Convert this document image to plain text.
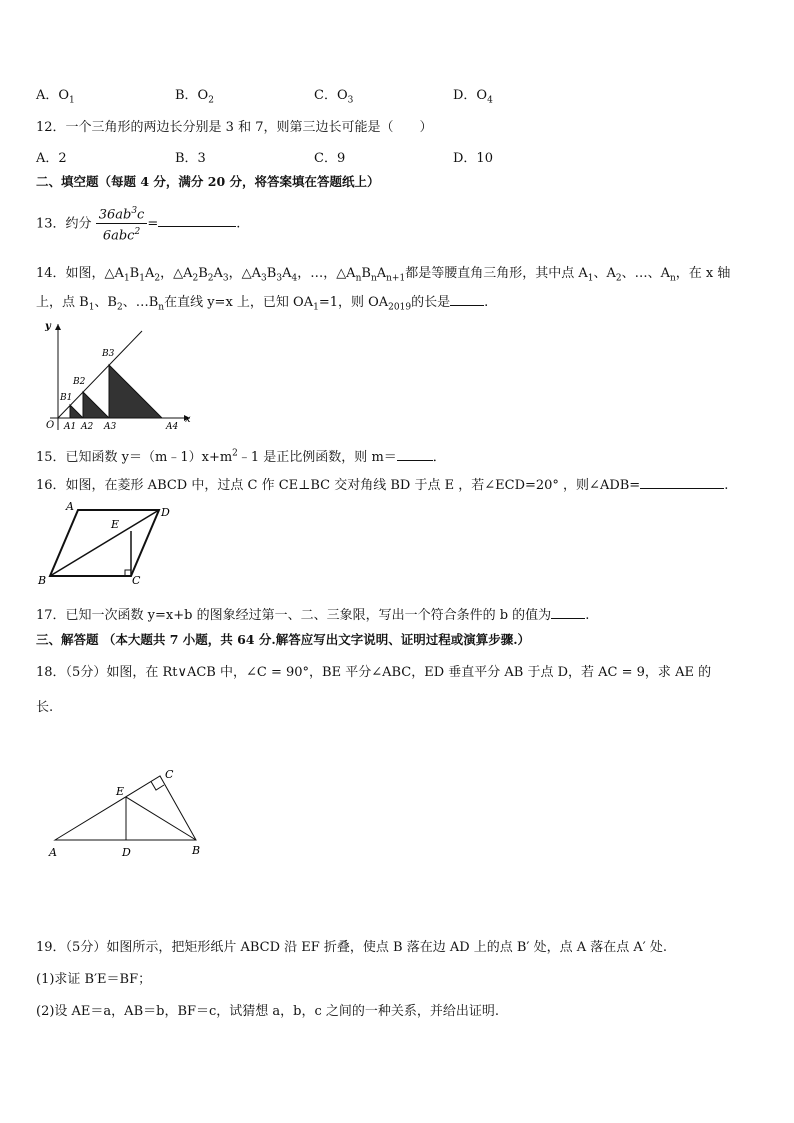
A．$O_1$	B．$O_2$	C．$O_3$	D．$O_4$
12．一个三角形的两边长分别是 3 和 7，则第三边长可能是（　　）
A．2	B．3	C．9	D．10
二、填空题（每题 4 分，满分 20 分，将答案填在答题纸上）
13．约分 $\frac{36ab^3c}{6abc^2}$ =	.
14．如图，$\triangle A_1B_1A_2$，$\triangle A_2B_2A_3$，$\triangle A_3B_3A_4$，…，$\triangle A_nB_nA_{n+1}$都是等腰直角三角形，其中点 $A_1$、$A_2$、…、$A_n$，在 x 轴
上，点 $B_1$、$B_2$、$\dots B_n$在直线 y=x 上，已知 $OA_1=1$，则 $OA_{2019}$的长是	.
y
x
O
B1
B2
B3
A1 A2 A3	A4
15．已知函数 $y=(m﹣1)x+m^2﹣1$ 是正比例函数，则 m＝	．
16．如图，在菱形 ABCD 中，过点 C 作 CE⊥BC 交对角线 BD 于点 E ，若∠ECD=20° ，则∠ADB=	.
A	D
E
B	C
17．已知一次函数 y=x+b 的图象经过第一、二、三象限，写出一个符合条件的 b 的值为	.
三、解答题 （本大题共 7 小题，共 64 分.解答应写出文字说明、证明过程或演算步骤.）
18．（5分）如图，在 Rt∨ACB 中，∠C = 90°，BE 平分∠ABC，ED 垂直平分 AB 于点 D，若 AC = 9，求 AE 的
长.
A	D	B
C
E
19．（5分）如图所示，把矩形纸片 ABCD 沿 EF 折叠，使点 B 落在边 AD 上的点 B′ 处，点 A 落在点 A′ 处.
(1)求证 B′E＝BF；
(2)设 AE＝a，AB＝b，BF＝c，试猜想 a，b，c 之间的一种关系，并给出证明.
